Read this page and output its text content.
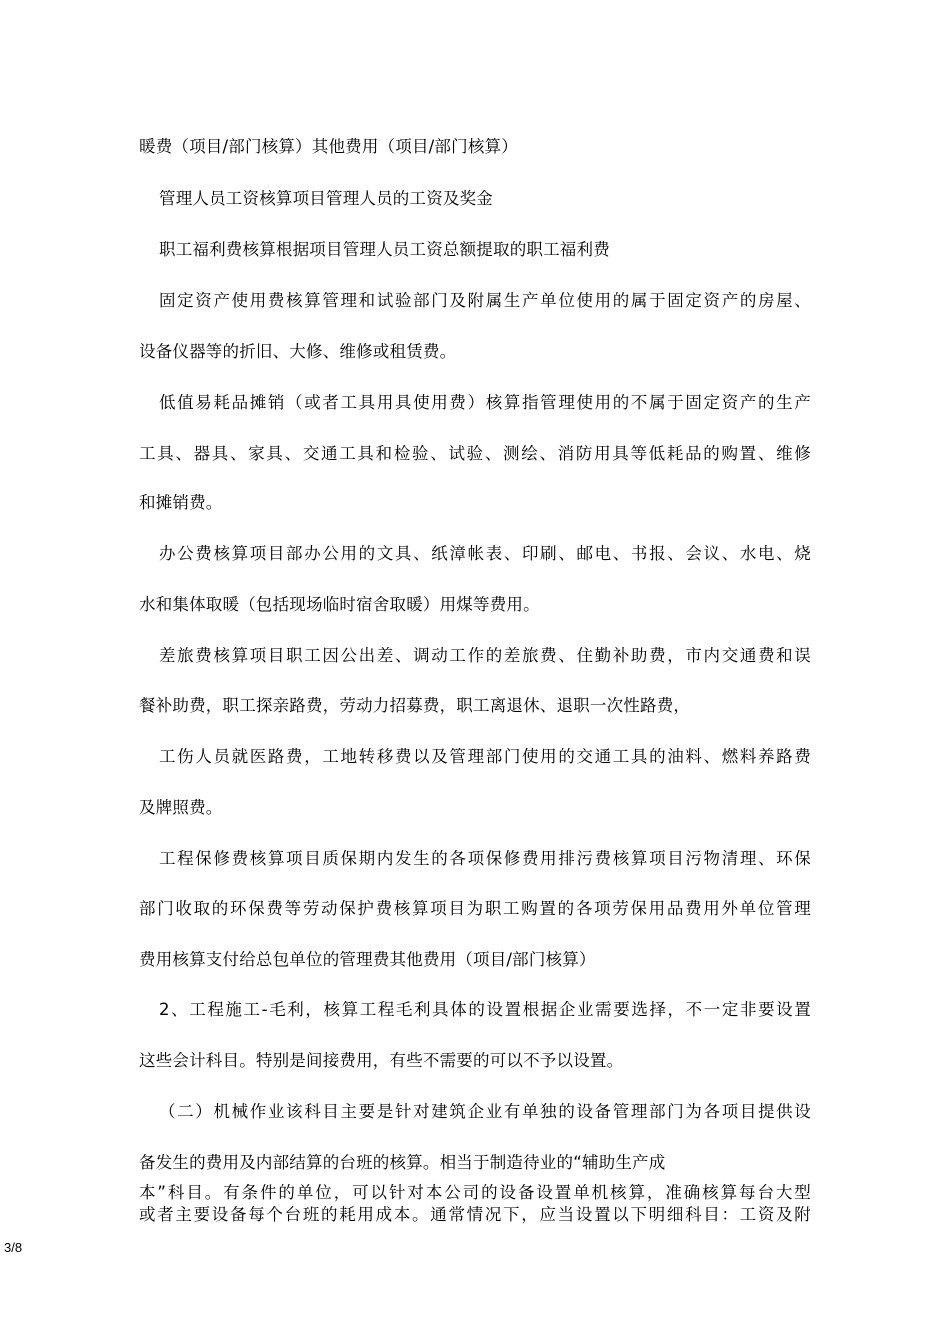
暖费（项目/部门核算）其他费用（项目/部门核算）
管理人员工资核算项目管理人员的工资及奖金
职工福利费核算根据项目管理人员工资总额提取的职工福利费
固定资产使用费核算管理和试验部门及附属生产单位使用的属于固定资产的房屋、
设备仪器等的折旧、大修、维修或租赁费。
低值易耗品摊销（或者工具用具使用费）核算指管理使用的不属于固定资产的生产
工具、器具、家具、交通工具和检验、试验、测绘、消防用具等低耗品的购置、维修
和摊销费。
办公费核算项目部办公用的文具、纸漳帐表、印刷、邮电、书报、会议、水电、烧
水和集体取暖（包括现场临时宿舍取暖）用煤等费用。
差旅费核算项目职工因公出差、调动工作的差旅费、住勤补助费，市内交通费和误
餐补助费，职工探亲路费，劳动力招募费，职工离退休、退职一次性路费，
工伤人员就医路费，工地转移费以及管理部门使用的交通工具的油料、燃料养路费
及牌照费。
工程保修费核算项目质保期内发生的各项保修费用排污费核算项目污物清理、环保
部门收取的环保费等劳动保护费核算项目为职工购置的各项劳保用品费用外单位管理
费用核算支付给总包单位的管理费其他费用（项目/部门核算）
2、工程施工-毛利，核算工程毛利具体的设置根据企业需要选择，不一定非要设置
这些会计科目。特别是间接费用，有些不需要的可以不予以设置。
（二）机械作业该科目主要是针对建筑企业有单独的设备管理部门为各项目提供设
备发生的费用及内部结算的台班的核算。相当于制造待业的“辅助生产成
本”科目。有条件的单位，可以针对本公司的设备设置单机核算，准确核算每台大型
或者主要设备每个台班的耗用成本。通常情况下，应当设置以下明细科目：工资及附
3/8
